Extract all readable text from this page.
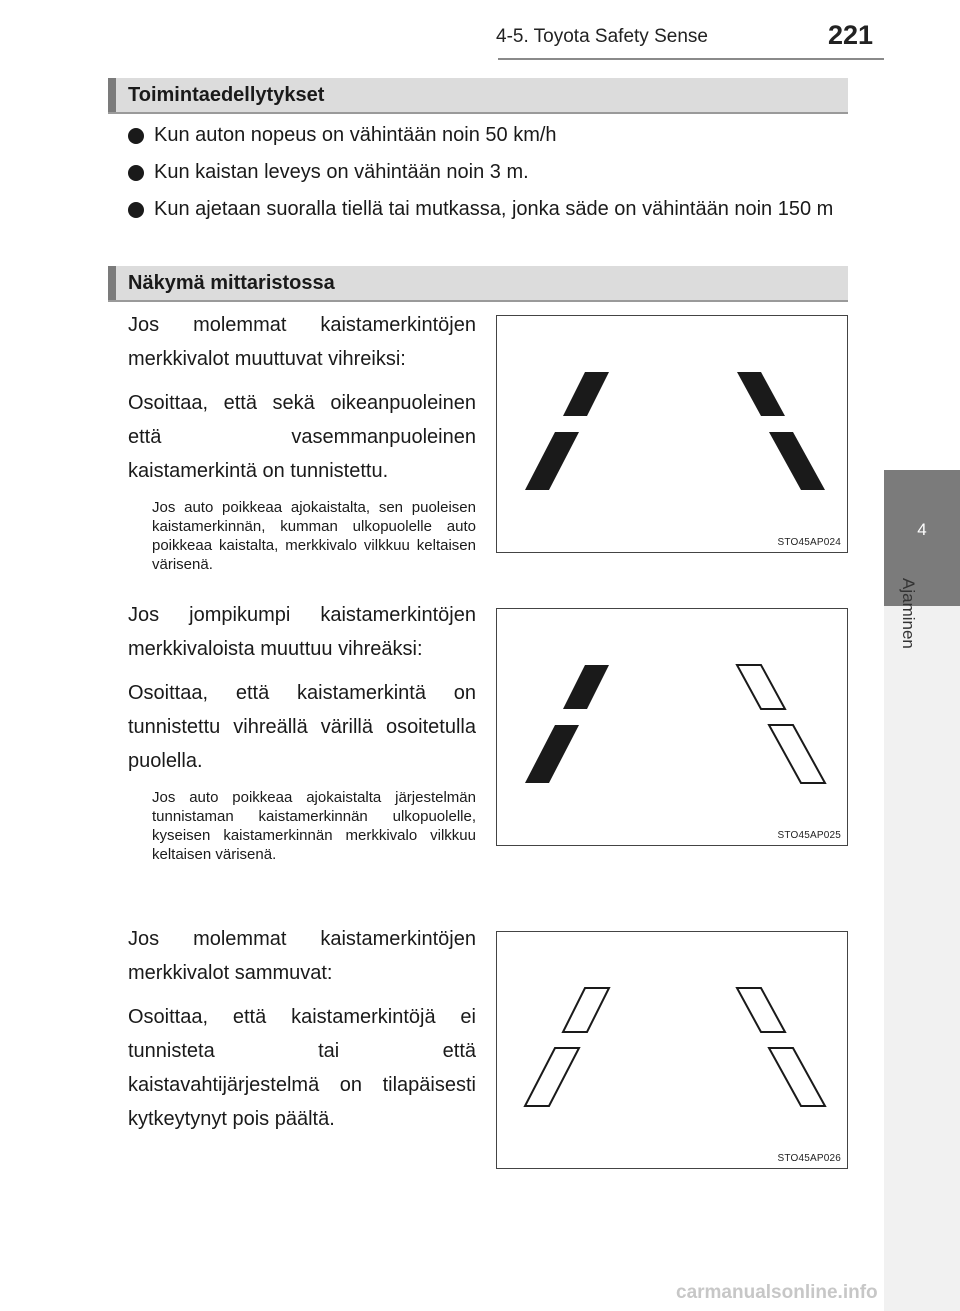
4-5. Toyota Safety Sense	221
4
Ajaminen
Toimintaedellytykset
Kun auton nopeus on vähintään noin 50 km/h
Kun kaistan leveys on vähintään noin 3 m.
Kun ajetaan suoralla tiellä tai mutkassa, jonka säde on vähintään noin 150 m
Näkymä mittaristossa

Jos molemmat kaistamerkintöjen merkkivalot muuttuvat vihreiksi:

Osoittaa, että sekä oikeanpuoleinen että vasemmanpuoleinen kaistamerkintä on tunnistettu.

Jos auto poikkeaa ajokaistalta, sen puoleisen kaistamerkinnän, kumman ulkopuolelle auto poikkeaa kaistalta, merkkivalo vilkkuu keltaisen värisenä.

Jos jompikumpi kaistamerkintöjen merkkivaloista muuttuu vihreäksi:

Osoittaa, että kaistamerkintä on tunnistettu vihreällä värillä osoitetulla puolella.

Jos auto poikkeaa ajokaistalta järjestelmän tunnistaman kaistamerkinnän ulkopuolelle, kyseisen kaistamerkinnän merkkivalo vilkkuu keltaisen värisenä.

Jos molemmat kaistamerkintöjen merkkivalot sammuvat:

Osoittaa, että kaistamerkintöjä ei tunnisteta tai että kaistavahtijärjestelmä on tilapäisesti kytkeytynyt pois päältä.

STO45AP024
STO45AP025
STO45AP026
carmanualsonline.info
